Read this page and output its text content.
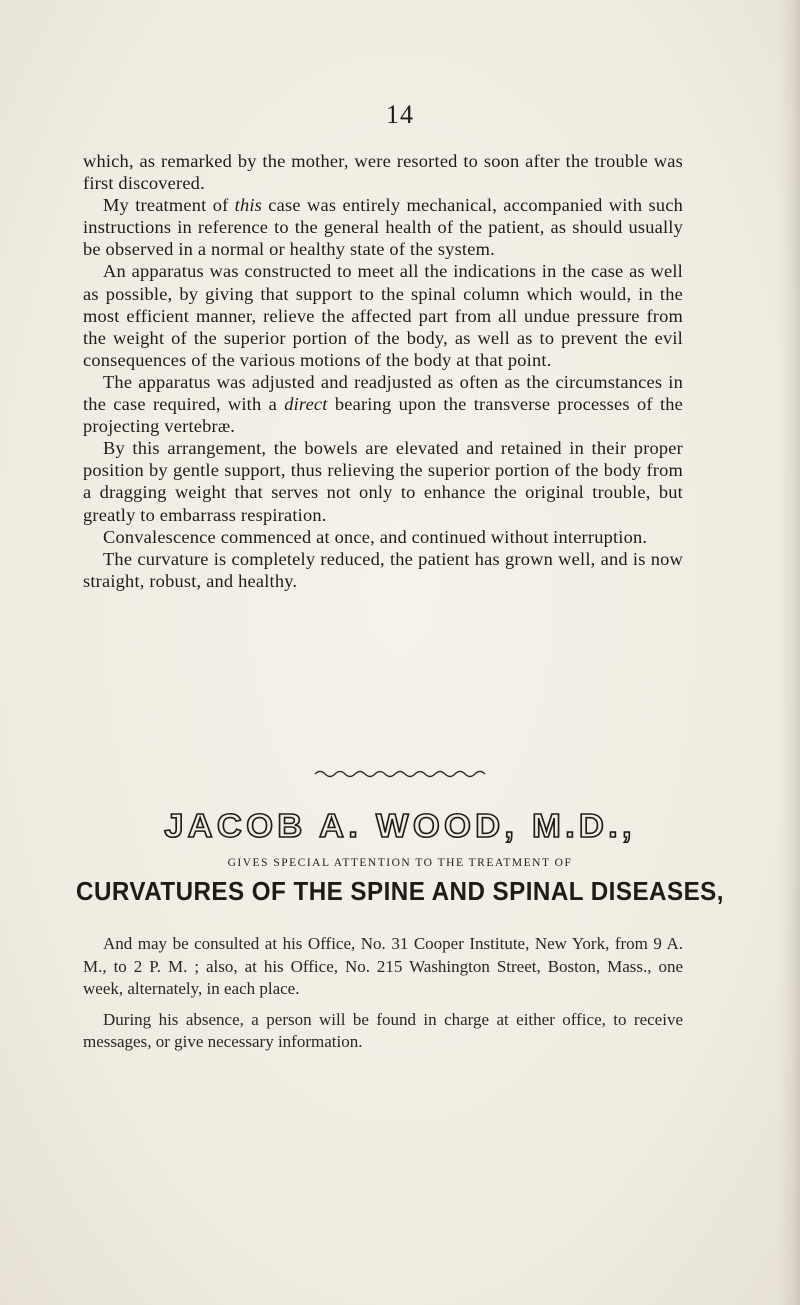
14

which, as remarked by the mother, were resorted to soon after the trouble was first discovered.

My treatment of this case was entirely mechanical, accompanied with such instructions in reference to the general health of the patient, as should usually be observed in a normal or healthy state of the system.

An apparatus was constructed to meet all the indications in the case as well as possible, by giving that support to the spinal column which would, in the most efficient manner, relieve the affected part from all undue pressure from the weight of the superior portion of the body, as well as to prevent the evil consequences of the various motions of the body at that point.

The apparatus was adjusted and readjusted as often as the circumstances in the case required, with a direct bearing upon the transverse processes of the projecting vertebræ.

By this arrangement, the bowels are elevated and retained in their proper position by gentle support, thus relieving the superior portion of the body from a dragging weight that serves not only to enhance the original trouble, but greatly to embarrass respiration.

Convalescence commenced at once, and continued without interruption.

The curvature is completely reduced, the patient has grown well, and is now straight, robust, and healthy.

JACOB A. WOOD, M.D.,
GIVES SPECIAL ATTENTION TO THE TREATMENT OF
CURVATURES OF THE SPINE AND SPINAL DISEASES,

And may be consulted at his Office, No. 31 Cooper Institute, New York, from 9 A. M., to 2 P. M. ; also, at his Office, No. 215 Washington Street, Boston, Mass., one week, alternately, in each place.

During his absence, a person will be found in charge at either office, to receive messages, or give necessary information.
